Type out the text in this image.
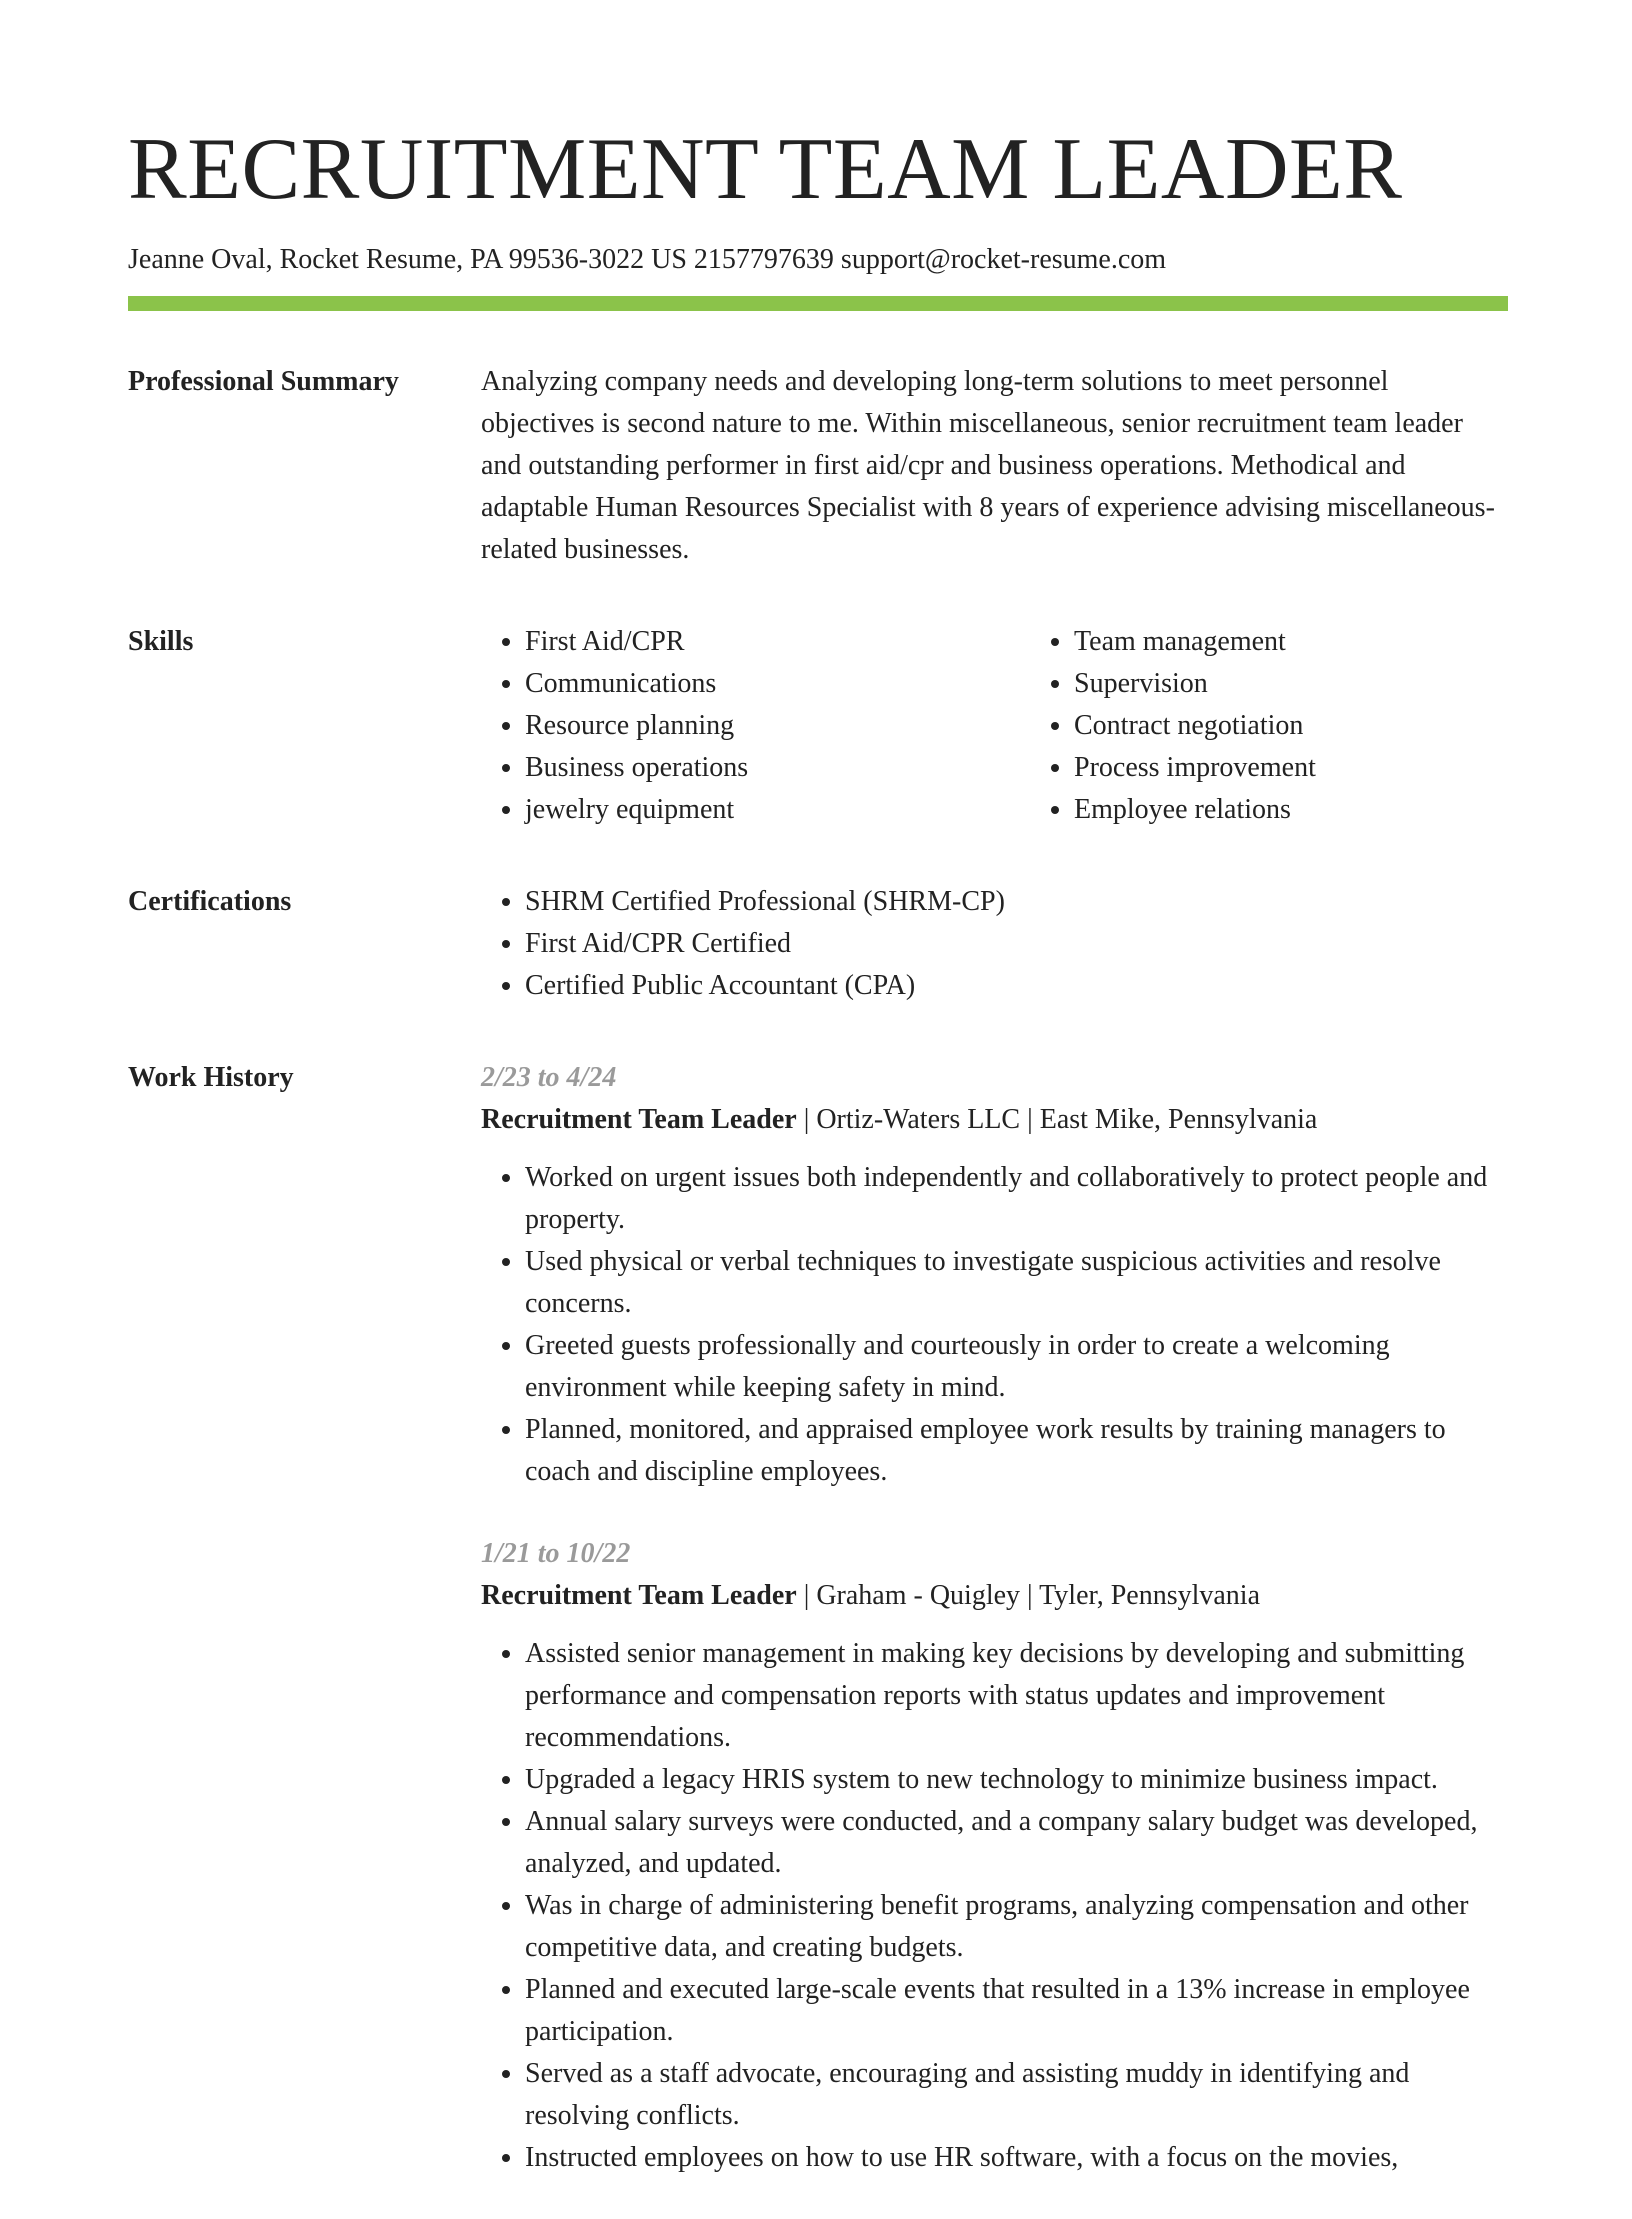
RECRUITMENT TEAM LEADER
Jeanne Oval, Rocket Resume, PA 99536-3022 US 2157797639 support@rocket-resume.com
Professional Summary	Analyzing company needs and developing long-term solutions to meet personnel objectives is second nature to me. Within miscellaneous, senior recruitment team leader and outstanding performer in first aid/cpr and business operations. Methodical and adaptable Human Resources Specialist with 8 years of experience advising miscellaneous-related businesses.

Skills	• First Aid/CPR
• Communications
• Resource planning
• Business operations
• jewelry equipment
• Team management
• Supervision
• Contract negotiation
• Process improvement
• Employee relations
Certifications	• SHRM Certified Professional (SHRM-CP)
• First Aid/CPR Certified
• Certified Public Accountant (CPA)
Work History	2/23 to 4/24
Recruitment Team Leader | Ortiz-Waters LLC | East Mike, Pennsylvania
• Worked on urgent issues both independently and collaboratively to protect people and property.
• Used physical or verbal techniques to investigate suspicious activities and resolve concerns.
• Greeted guests professionally and courteously in order to create a welcoming environment while keeping safety in mind.
• Planned, monitored, and appraised employee work results by training managers to coach and discipline employees.
1/21 to 10/22
Recruitment Team Leader | Graham - Quigley | Tyler, Pennsylvania
• Assisted senior management in making key decisions by developing and submitting performance and compensation reports with status updates and improvement recommendations.
• Upgraded a legacy HRIS system to new technology to minimize business impact.
• Annual salary surveys were conducted, and a company salary budget was developed, analyzed, and updated.
• Was in charge of administering benefit programs, analyzing compensation and other competitive data, and creating budgets.
• Planned and executed large-scale events that resulted in a 13% increase in employee participation.
• Served as a staff advocate, encouraging and assisting muddy in identifying and resolving conflicts.
• Instructed employees on how to use HR software, with a focus on the movies,
